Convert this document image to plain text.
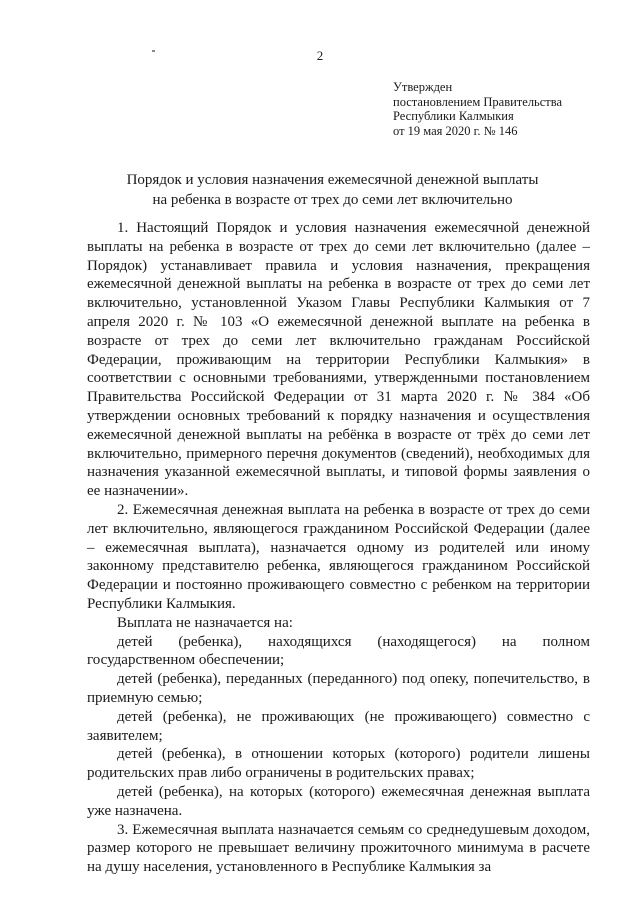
2
Утвержден
постановлением Правительства
Республики Калмыкия
от 19 мая 2020 г. № 146
Порядок и условия назначения ежемесячной денежной выплаты
на ребенка в возрасте от трех до семи лет включительно

1. Настоящий Порядок и условия назначения ежемесячной денежной выплаты на ребенка в возрасте от трех до семи лет включительно (далее – Порядок) устанавливает правила и условия назначения, прекращения ежемесячной денежной выплаты на ребенка в возрасте от трех до семи лет включительно, установленной Указом Главы Республики Калмыкия от 7 апреля 2020 г. № 103 «О ежемесячной денежной выплате на ребенка в возрасте от трех до семи лет включительно гражданам Российской Федерации, проживающим на территории Республики Калмыкия» в соответствии с основными требованиями, утвержденными постановлением Правительства Российской Федерации от 31 марта 2020 г. № 384 «Об утверждении основных требований к порядку назначения и осуществления ежемесячной денежной выплаты на ребёнка в возрасте от трёх до семи лет включительно, примерного перечня документов (сведений), необходимых для назначения указанной ежемесячной выплаты, и типовой формы заявления о ее назначении».

2. Ежемесячная денежная выплата на ребенка в возрасте от трех до семи лет включительно, являющегося гражданином Российской Федерации (далее – ежемесячная выплата), назначается одному из родителей или иному законному представителю ребенка, являющегося гражданином Российской Федерации и постоянно проживающего совместно с ребенком на территории Республики Калмыкия.

Выплата не назначается на:

детей (ребенка), находящихся (находящегося) на полном государственном обеспечении;

детей (ребенка), переданных (переданного) под опеку, попечительство, в приемную семью;

детей (ребенка), не проживающих (не проживающего) совместно с заявителем;

детей (ребенка), в отношении которых (которого) родители лишены родительских прав либо ограничены в родительских правах;

детей (ребенка), на которых (которого) ежемесячная денежная выплата уже назначена.

3. Ежемесячная выплата назначается семьям со среднедушевым доходом, размер которого не превышает величину прожиточного минимума в расчете на душу населения, установленного в Республике Калмыкия за
